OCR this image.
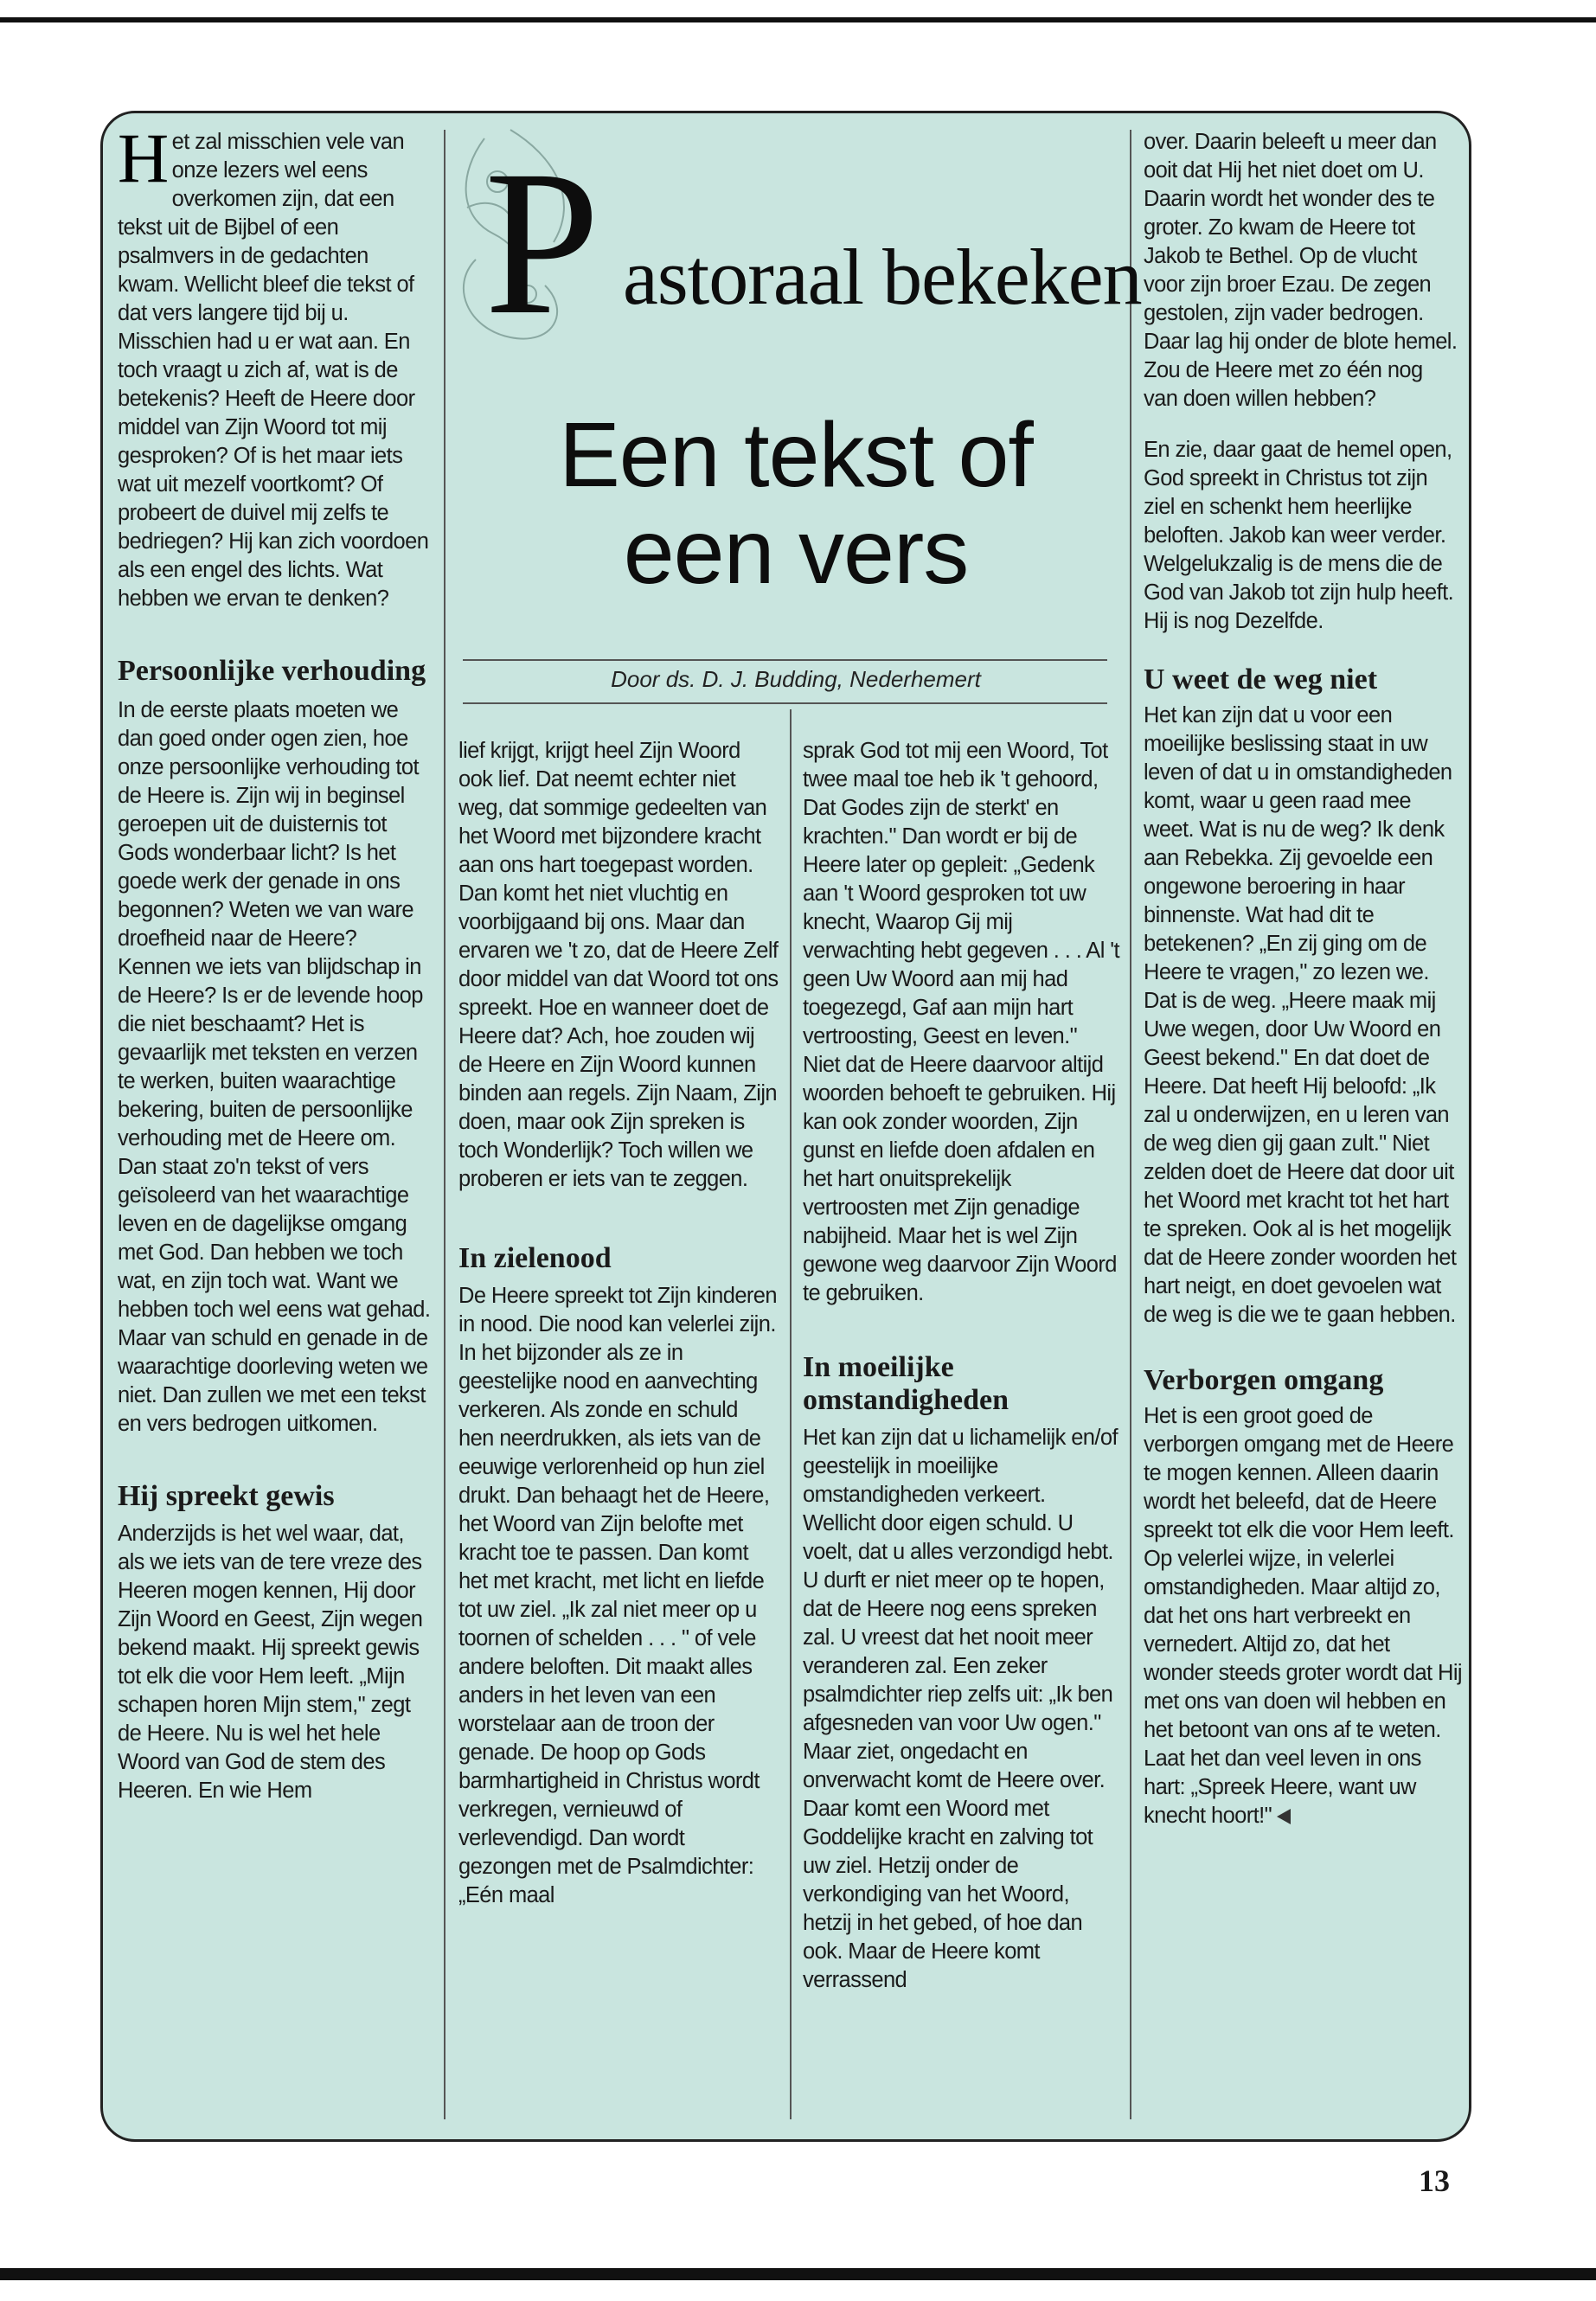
P astoraal bekeken
Een tekst of
een vers
Door ds. D. J. Budding, Nederhemert

Het zal misschien vele van onze lezers wel eens overkomen zijn, dat een tekst uit de Bijbel of een psalmvers in de gedachten kwam. Wellicht bleef die tekst of dat vers langere tijd bij u. Misschien had u er wat aan. En toch vraagt u zich af, wat is de betekenis? Heeft de Heere door middel van Zijn Woord tot mij gesproken? Of is het maar iets wat uit mezelf voortkomt? Of probeert de duivel mij zelfs te bedriegen? Hij kan zich voordoen als een engel des lichts. Wat hebben we ervan te denken?

Persoonlijke verhouding

In de eerste plaats moeten we dan goed onder ogen zien, hoe onze persoonlijke verhouding tot de Heere is. Zijn wij in beginsel geroepen uit de duisternis tot Gods wonderbaar licht? Is het goede werk der genade in ons begonnen? Weten we van ware droefheid naar de Heere? Kennen we iets van blijdschap in de Heere? Is er de levende hoop die niet beschaamt? Het is gevaarlijk met teksten en verzen te werken, buiten waarachtige bekering, buiten de persoonlijke verhouding met de Heere om. Dan staat zo'n tekst of vers geïsoleerd van het waarachtige leven en de dagelijkse omgang met God. Dan hebben we toch wat, en zijn toch wat. Want we hebben toch wel eens wat gehad. Maar van schuld en genade in de waarachtige doorleving weten we niet. Dan zullen we met een tekst en vers bedrogen uitkomen.

Hij spreekt gewis

Anderzijds is het wel waar, dat, als we iets van de tere vreze des Heeren mogen kennen, Hij door Zijn Woord en Geest, Zijn wegen bekend maakt. Hij spreekt gewis tot elk die voor Hem leeft. „Mijn schapen horen Mijn stem," zegt de Heere. Nu is wel het hele Woord van God de stem des Heeren. En wie Hem

lief krijgt, krijgt heel Zijn Woord ook lief. Dat neemt echter niet weg, dat sommige gedeelten van het Woord met bijzondere kracht aan ons hart toegepast worden. Dan komt het niet vluchtig en voorbijgaand bij ons. Maar dan ervaren we 't zo, dat de Heere Zelf door middel van dat Woord tot ons spreekt. Hoe en wanneer doet de Heere dat? Ach, hoe zouden wij de Heere en Zijn Woord kunnen binden aan regels. Zijn Naam, Zijn doen, maar ook Zijn spreken is toch Wonderlijk? Toch willen we proberen er iets van te zeggen.

In zielenood

De Heere spreekt tot Zijn kinderen in nood. Die nood kan velerlei zijn. In het bijzonder als ze in geestelijke nood en aanvechting verkeren. Als zonde en schuld hen neerdrukken, als iets van de eeuwige verlorenheid op hun ziel drukt. Dan behaagt het de Heere, het Woord van Zijn belofte met kracht toe te passen. Dan komt het met kracht, met licht en liefde tot uw ziel. „Ik zal niet meer op u toornen of schelden . . . " of vele andere beloften. Dit maakt alles anders in het leven van een worstelaar aan de troon der genade. De hoop op Gods barmhartigheid in Christus wordt verkregen, vernieuwd of verlevendigd. Dan wordt gezongen met de Psalmdichter: „Eén maal

sprak God tot mij een Woord, Tot twee maal toe heb ik 't gehoord, Dat Godes zijn de sterkt' en krachten." Dan wordt er bij de Heere later op gepleit: „Gedenk aan 't Woord gesproken tot uw knecht, Waarop Gij mij verwachting hebt gegeven . . . Al 't geen Uw Woord aan mij had toegezegd, Gaf aan mijn hart vertroosting, Geest en leven." Niet dat de Heere daarvoor altijd woorden behoeft te gebruiken. Hij kan ook zonder woorden, Zijn gunst en liefde doen afdalen en het hart onuitsprekelijk vertroosten met Zijn genadige nabijheid. Maar het is wel Zijn gewone weg daarvoor Zijn Woord te gebruiken.

In moeilijke omstandigheden

Het kan zijn dat u lichamelijk en/of geestelijk in moeilijke omstandigheden verkeert. Wellicht door eigen schuld. U voelt, dat u alles verzondigd hebt. U durft er niet meer op te hopen, dat de Heere nog eens spreken zal. U vreest dat het nooit meer veranderen zal. Een zeker psalmdichter riep zelfs uit: „Ik ben afgesneden van voor Uw ogen." Maar ziet, ongedacht en onverwacht komt de Heere over. Daar komt een Woord met Goddelijke kracht en zalving tot uw ziel. Hetzij onder de verkondiging van het Woord, hetzij in het gebed, of hoe dan ook. Maar de Heere komt verrassend

over. Daarin beleeft u meer dan ooit dat Hij het niet doet om U. Daarin wordt het wonder des te groter. Zo kwam de Heere tot Jakob te Bethel. Op de vlucht voor zijn broer Ezau. De zegen gestolen, zijn vader bedrogen. Daar lag hij onder de blote hemel. Zou de Heere met zo één nog van doen willen hebben?

En zie, daar gaat de hemel open, God spreekt in Christus tot zijn ziel en schenkt hem heerlijke beloften. Jakob kan weer verder. Welgelukzalig is de mens die de God van Jakob tot zijn hulp heeft. Hij is nog Dezelfde.

U weet de weg niet

Het kan zijn dat u voor een moeilijke beslissing staat in uw leven of dat u in omstandigheden komt, waar u geen raad mee weet. Wat is nu de weg? Ik denk aan Rebekka. Zij gevoelde een ongewone beroering in haar binnenste. Wat had dit te betekenen? „En zij ging om de Heere te vragen," zo lezen we. Dat is de weg. „Heere maak mij Uwe wegen, door Uw Woord en Geest bekend." En dat doet de Heere. Dat heeft Hij beloofd: „Ik zal u onderwijzen, en u leren van de weg dien gij gaan zult." Niet zelden doet de Heere dat door uit het Woord met kracht tot het hart te spreken. Ook al is het mogelijk dat de Heere zonder woorden het hart neigt, en doet gevoelen wat de weg is die we te gaan hebben.

Verborgen omgang

Het is een groot goed de verborgen omgang met de Heere te mogen kennen. Alleen daarin wordt het beleefd, dat de Heere spreekt tot elk die voor Hem leeft. Op velerlei wijze, in velerlei omstandigheden. Maar altijd zo, dat het ons hart verbreekt en vernedert. Altijd zo, dat het wonder steeds groter wordt dat Hij met ons van doen wil hebben en het betoont van ons af te weten. Laat het dan veel leven in ons hart: „Spreek Heere, want uw knecht hoort!"

13
